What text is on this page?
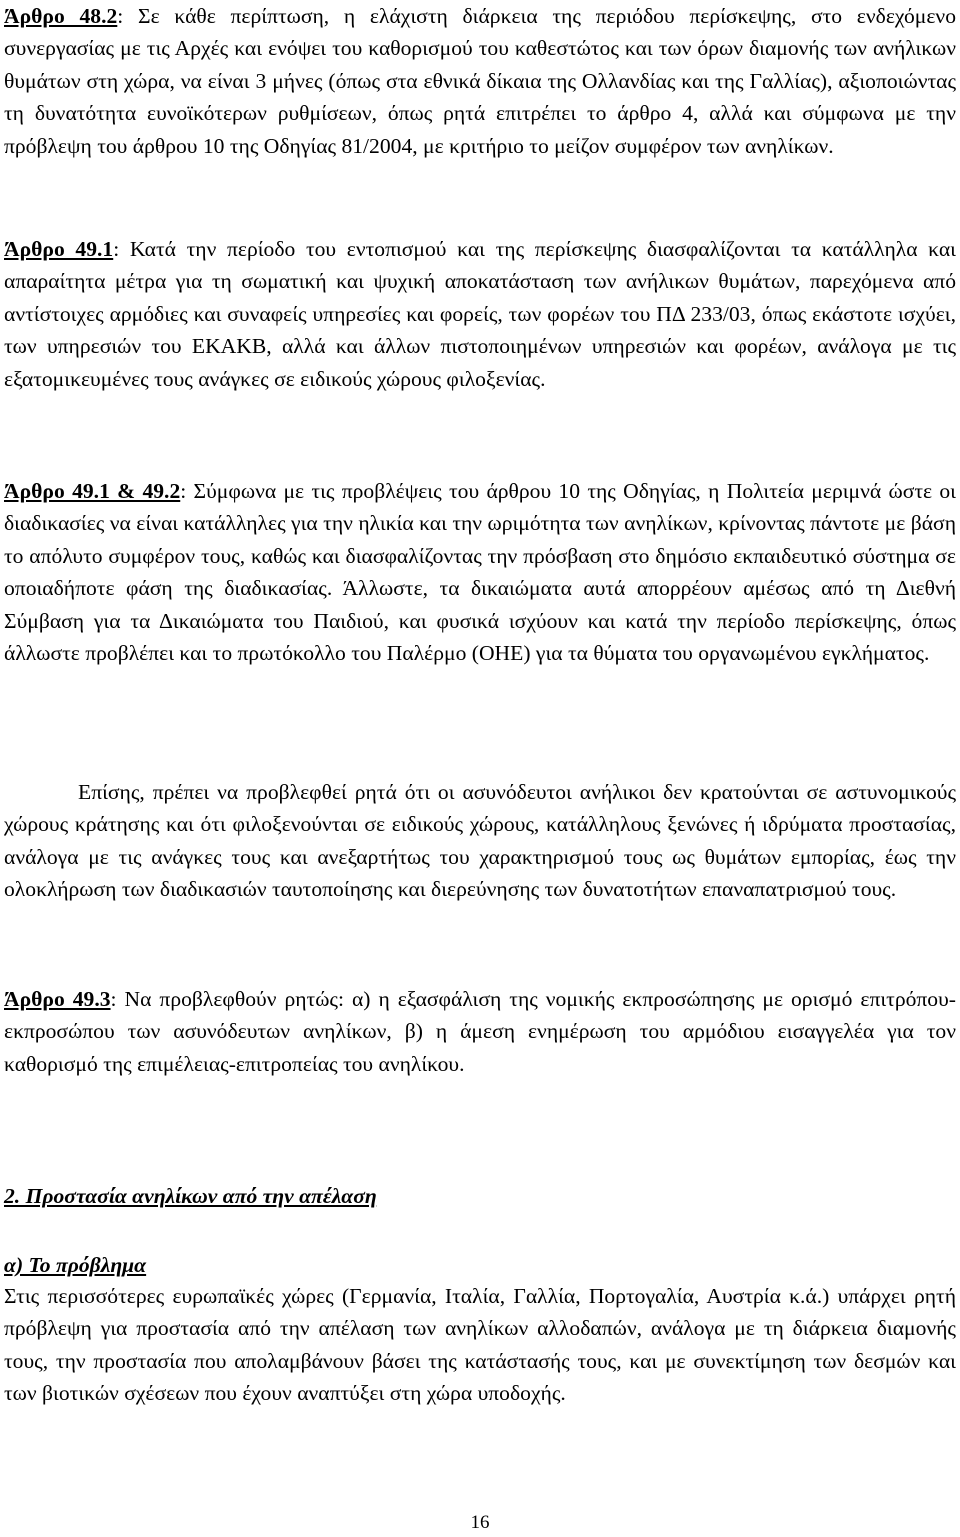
Άρθρο 48.2: Σε κάθε περίπτωση, η ελάχιστη διάρκεια της περιόδου περίσκεψης, στο ενδεχόμενο συνεργασίας με τις Αρχές και ενόψει του καθορισμού του καθεστώτος και των όρων διαμονής των ανήλικων θυμάτων στη χώρα, να είναι 3 μήνες (όπως στα εθνικά δίκαια της Ολλανδίας και της Γαλλίας), αξιοποιώντας τη δυνατότητα ευνοϊκότερων ρυθμίσεων, όπως ρητά επιτρέπει το άρθρο 4, αλλά και σύμφωνα με την πρόβλεψη του άρθρου 10 της Οδηγίας 81/2004, με κριτήριο το μείζον συμφέρον των ανηλίκων.

Άρθρο 49.1: Κατά την περίοδο του εντοπισμού και της περίσκεψης διασφαλίζονται τα κατάλληλα και απαραίτητα μέτρα για τη σωματική και ψυχική αποκατάσταση των ανήλικων θυμάτων, παρεχόμενα από αντίστοιχες αρμόδιες και συναφείς υπηρεσίες και φορείς, των φορέων του ΠΔ 233/03, όπως εκάστοτε ισχύει, των υπηρεσιών του ΕΚΑΚΒ, αλλά και άλλων πιστοποιημένων υπηρεσιών και φορέων, ανάλογα με τις εξατομικευμένες τους ανάγκες σε ειδικούς χώρους φιλοξενίας.

Άρθρο 49.1 & 49.2: Σύμφωνα με τις προβλέψεις του άρθρου 10 της Οδηγίας, η Πολιτεία μεριμνά ώστε οι διαδικασίες να είναι κατάλληλες για την ηλικία και την ωριμότητα των ανηλίκων, κρίνοντας πάντοτε με βάση το απόλυτο συμφέρον τους, καθώς και διασφαλίζοντας την πρόσβαση στο δημόσιο εκπαιδευτικό σύστημα σε οποιαδήποτε φάση της διαδικασίας. Άλλωστε, τα δικαιώματα αυτά απορρέουν αμέσως από τη Διεθνή Σύμβαση για τα Δικαιώματα του Παιδιού, και φυσικά ισχύουν και κατά την περίοδο περίσκεψης, όπως άλλωστε προβλέπει και το πρωτόκολλο του Παλέρμο (ΟΗΕ) για τα θύματα του οργανωμένου εγκλήματος.

Επίσης, πρέπει να προβλεφθεί ρητά ότι οι ασυνόδευτοι ανήλικοι δεν κρατούνται σε αστυνομικούς χώρους κράτησης και ότι φιλοξενούνται σε ειδικούς χώρους, κατάλληλους ξενώνες ή ιδρύματα προστασίας, ανάλογα με τις ανάγκες τους και ανεξαρτήτως του χαρακτηρισμού τους ως θυμάτων εμπορίας, έως την ολοκλήρωση των διαδικασιών ταυτοποίησης και διερεύνησης των δυνατοτήτων επαναπατρισμού τους.

Άρθρο 49.3: Να προβλεφθούν ρητώς: α) η εξασφάλιση της νομικής εκπροσώπησης με ορισμό επιτρόπου-εκπροσώπου των ασυνόδευτων ανηλίκων, β) η άμεση ενημέρωση του αρμόδιου εισαγγελέα για τον καθορισμό της επιμέλειας-επιτροπείας του ανηλίκου.

2. Προστασία ανηλίκων από την απέλαση
α) Το πρόβλημα

Στις περισσότερες ευρωπαϊκές χώρες (Γερμανία, Ιταλία, Γαλλία, Πορτογαλία, Αυστρία κ.ά.) υπάρχει ρητή πρόβλεψη για προστασία από την απέλαση των ανηλίκων αλλοδαπών, ανάλογα με τη διάρκεια διαμονής τους, την προστασία που απολαμβάνουν βάσει της κατάστασής τους, και με συνεκτίμηση των δεσμών και των βιοτικών σχέσεων που έχουν αναπτύξει στη χώρα υποδοχής.

16
